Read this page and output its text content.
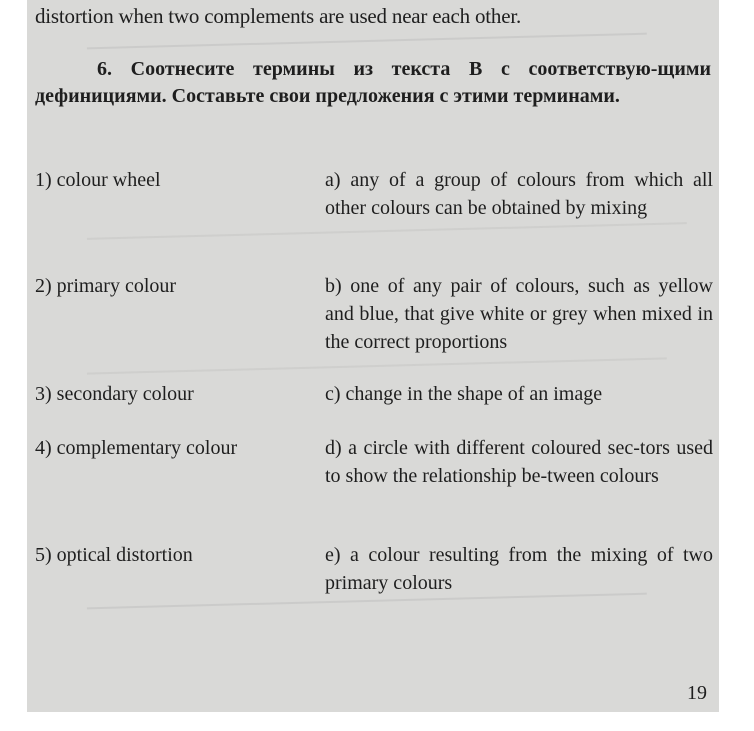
distortion when two complements are used near each other.
6. Соотнесите термины из текста B с соответствую-щими дефинициями. Составьте свои предложения с этими терминами.
1) colour wheel	a) any of a group of colours from which all other colours can be obtained by mixing
2) primary colour	b) one of any pair of colours, such as yellow and blue, that give white or grey when mixed in the correct proportions
3) secondary colour	c) change in the shape of an image
4) complementary colour	d) a circle with different coloured sec-tors used to show the relationship be-tween colours
5) optical distortion	e) a colour resulting from the mixing of two primary colours
19
